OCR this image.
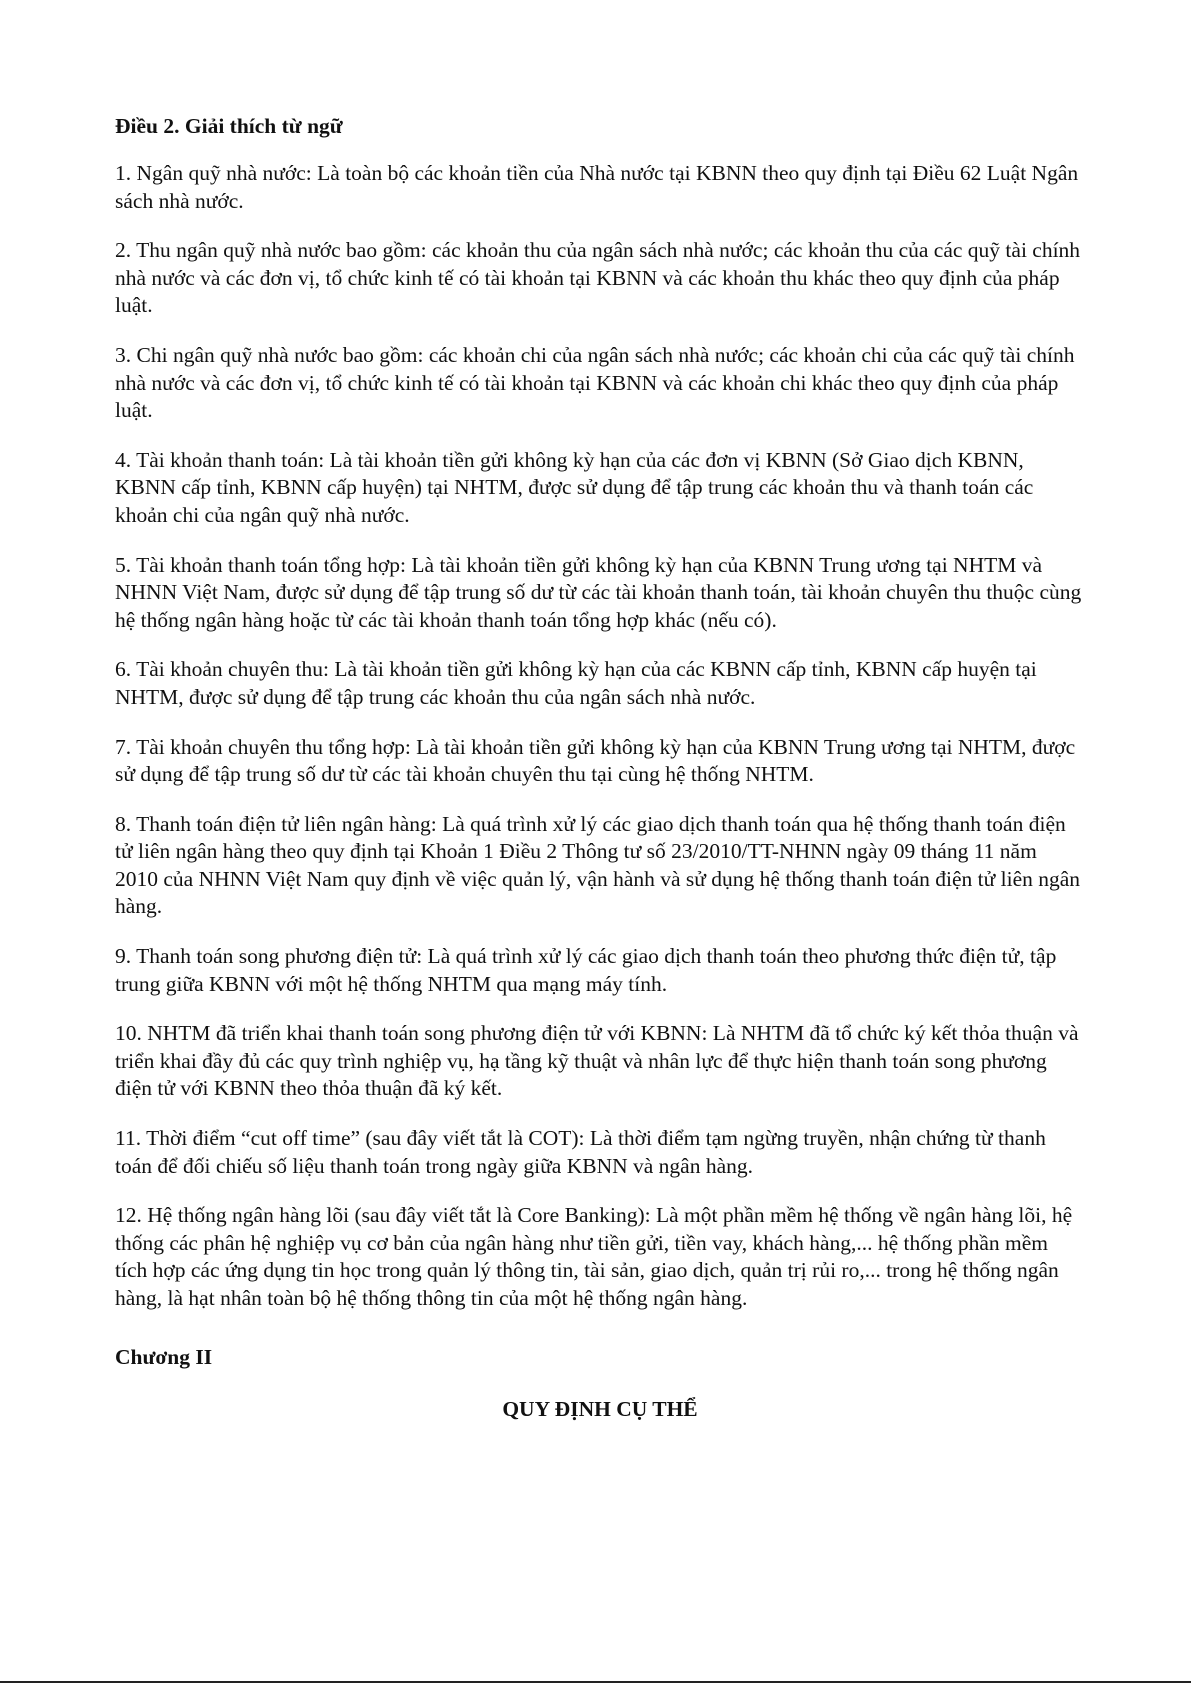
Điều 2. Giải thích từ ngữ

1. Ngân quỹ nhà nước: Là toàn bộ các khoản tiền của Nhà nước tại KBNN theo quy định tại Điều 62 Luật Ngân sách nhà nước.

2. Thu ngân quỹ nhà nước bao gồm: các khoản thu của ngân sách nhà nước; các khoản thu của các quỹ tài chính nhà nước và các đơn vị, tổ chức kinh tế có tài khoản tại KBNN và các khoản thu khác theo quy định của pháp luật.

3. Chi ngân quỹ nhà nước bao gồm: các khoản chi của ngân sách nhà nước; các khoản chi của các quỹ tài chính nhà nước và các đơn vị, tổ chức kinh tế có tài khoản tại KBNN và các khoản chi khác theo quy định của pháp luật.

4. Tài khoản thanh toán: Là tài khoản tiền gửi không kỳ hạn của các đơn vị KBNN (Sở Giao dịch KBNN, KBNN cấp tỉnh, KBNN cấp huyện) tại NHTM, được sử dụng để tập trung các khoản thu và thanh toán các khoản chi của ngân quỹ nhà nước.

5. Tài khoản thanh toán tổng hợp: Là tài khoản tiền gửi không kỳ hạn của KBNN Trung ương tại NHTM và NHNN Việt Nam, được sử dụng để tập trung số dư từ các tài khoản thanh toán, tài khoản chuyên thu thuộc cùng hệ thống ngân hàng hoặc từ các tài khoản thanh toán tổng hợp khác (nếu có).

6. Tài khoản chuyên thu: Là tài khoản tiền gửi không kỳ hạn của các KBNN cấp tỉnh, KBNN cấp huyện tại NHTM, được sử dụng để tập trung các khoản thu của ngân sách nhà nước.

7. Tài khoản chuyên thu tổng hợp: Là tài khoản tiền gửi không kỳ hạn của KBNN Trung ương tại NHTM, được sử dụng để tập trung số dư từ các tài khoản chuyên thu tại cùng hệ thống NHTM.

8. Thanh toán điện tử liên ngân hàng: Là quá trình xử lý các giao dịch thanh toán qua hệ thống thanh toán điện tử liên ngân hàng theo quy định tại Khoản 1 Điều 2 Thông tư số 23/2010/TT-NHNN ngày 09 tháng 11 năm 2010 của NHNN Việt Nam quy định về việc quản lý, vận hành và sử dụng hệ thống thanh toán điện tử liên ngân hàng.

9. Thanh toán song phương điện tử: Là quá trình xử lý các giao dịch thanh toán theo phương thức điện tử, tập trung giữa KBNN với một hệ thống NHTM qua mạng máy tính.

10. NHTM đã triển khai thanh toán song phương điện tử với KBNN: Là NHTM đã tổ chức ký kết thỏa thuận và triển khai đầy đủ các quy trình nghiệp vụ, hạ tầng kỹ thuật và nhân lực để thực hiện thanh toán song phương điện tử với KBNN theo thỏa thuận đã ký kết.

11. Thời điểm “cut off time” (sau đây viết tắt là COT): Là thời điểm tạm ngừng truyền, nhận chứng từ thanh toán để đối chiếu số liệu thanh toán trong ngày giữa KBNN và ngân hàng.

12. Hệ thống ngân hàng lõi (sau đây viết tắt là Core Banking): Là một phần mềm hệ thống về ngân hàng lõi, hệ thống các phân hệ nghiệp vụ cơ bản của ngân hàng như tiền gửi, tiền vay, khách hàng,... hệ thống phần mềm tích hợp các ứng dụng tin học trong quản lý thông tin, tài sản, giao dịch, quản trị rủi ro,... trong hệ thống ngân hàng, là hạt nhân toàn bộ hệ thống thông tin của một hệ thống ngân hàng.

Chương II
QUY ĐỊNH CỤ THỂ
